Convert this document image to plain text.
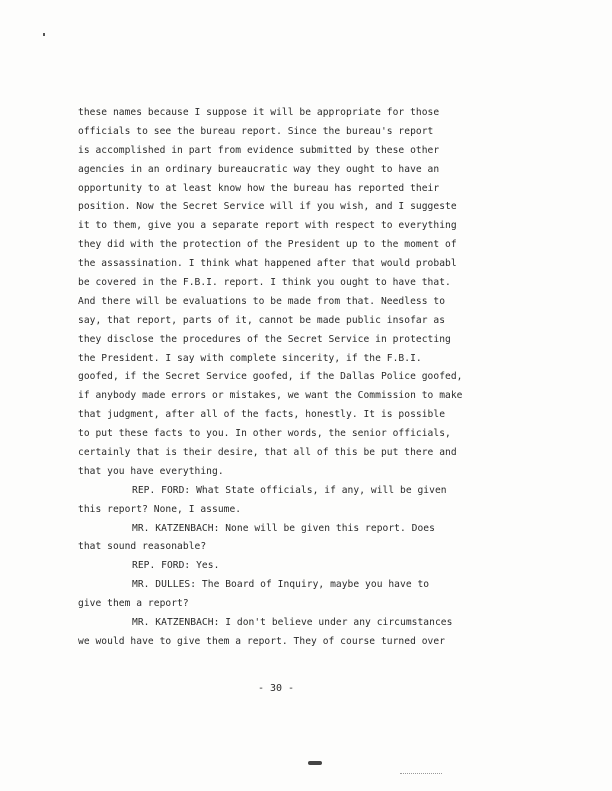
these names because I suppose it will be appropriate for those
officials to see the bureau report. Since the bureau's report
is accomplished in part from evidence submitted by these other
agencies in an ordinary bureaucratic way they ought to have an
opportunity to at least know how the bureau has reported their
position. Now the Secret Service will if you wish, and I suggeste
it to them, give you a separate report with respect to everything
they did with the protection of the President up to the moment of
the assassination. I think what happened after that would probabl
be covered in the F.B.I. report. I think you ought to have that.
And there will be evaluations to be made from that. Needless to
say, that report, parts of it, cannot be made public insofar as
they disclose the procedures of the Secret Service in protecting
the President. I say with complete sincerity, if the F.B.I.
goofed, if the Secret Service goofed, if the Dallas Police goofed,
if anybody made errors or mistakes, we want the Commission to make
that judgment, after all of the facts, honestly. It is possible
to put these facts to you. In other words, the senior officials,
certainly that is their desire, that all of this be put there and
that you have everything.
REP. FORD: What State officials, if any, will be given
this report? None, I assume.
MR. KATZENBACH: None will be given this report. Does
that sound reasonable?
REP. FORD: Yes.
MR. DULLES: The Board of Inquiry, maybe you have to
give them a report?
MR. KATZENBACH: I don't believe under any circumstances
we would have to give them a report. They of course turned over
- 30 -
